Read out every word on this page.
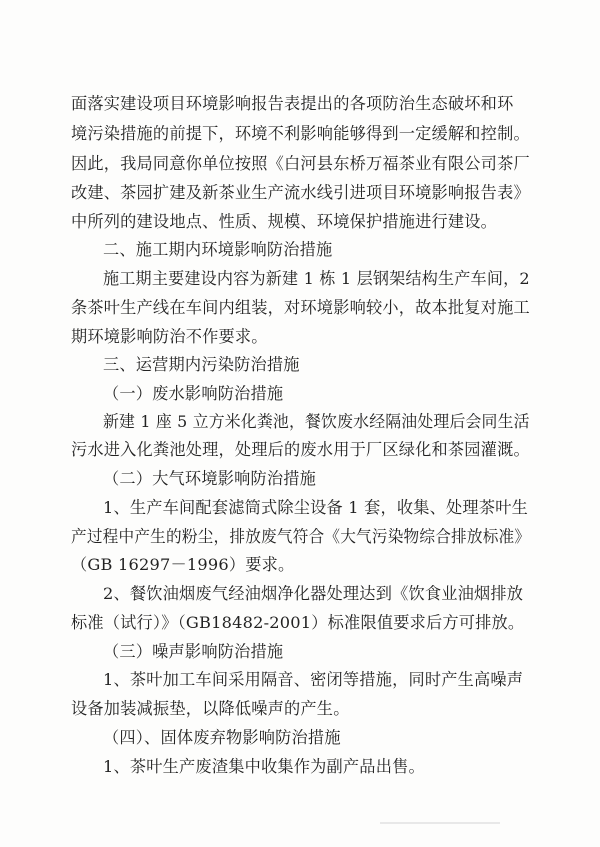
面落实建设项目环境影响报告表提出的各项防治生态破坏和环
境污染措施的前提下，环境不利影响能够得到一定缓解和控制。
因此，我局同意你单位按照《白河县东桥万福茶业有限公司茶厂
改建、茶园扩建及新茶业生产流水线引进项目环境影响报告表》
中所列的建设地点、性质、规模、环境保护措施进行建设。
二、施工期内环境影响防治措施
施工期主要建设内容为新建 1 栋 1 层钢架结构生产车间，2
条茶叶生产线在车间内组装，对环境影响较小，故本批复对施工
期环境影响防治不作要求。
三、运营期内污染防治措施
（一）废水影响防治措施
新建 1 座 5 立方米化粪池，餐饮废水经隔油处理后会同生活
污水进入化粪池处理，处理后的废水用于厂区绿化和茶园灌溉。
（二）大气环境影响防治措施
1、生产车间配套滤筒式除尘设备 1 套，收集、处理茶叶生
产过程中产生的粉尘，排放废气符合《大气污染物综合排放标准》
（GB 16297－1996）要求。
2、餐饮油烟废气经油烟净化器处理达到《饮食业油烟排放
标准（试行）》（GB18482-2001）标准限值要求后方可排放。
（三）噪声影响防治措施
1、茶叶加工车间采用隔音、密闭等措施，同时产生高噪声
设备加装减振垫，以降低噪声的产生。
（四）、固体废弃物影响防治措施
1、茶叶生产废渣集中收集作为副产品出售。
